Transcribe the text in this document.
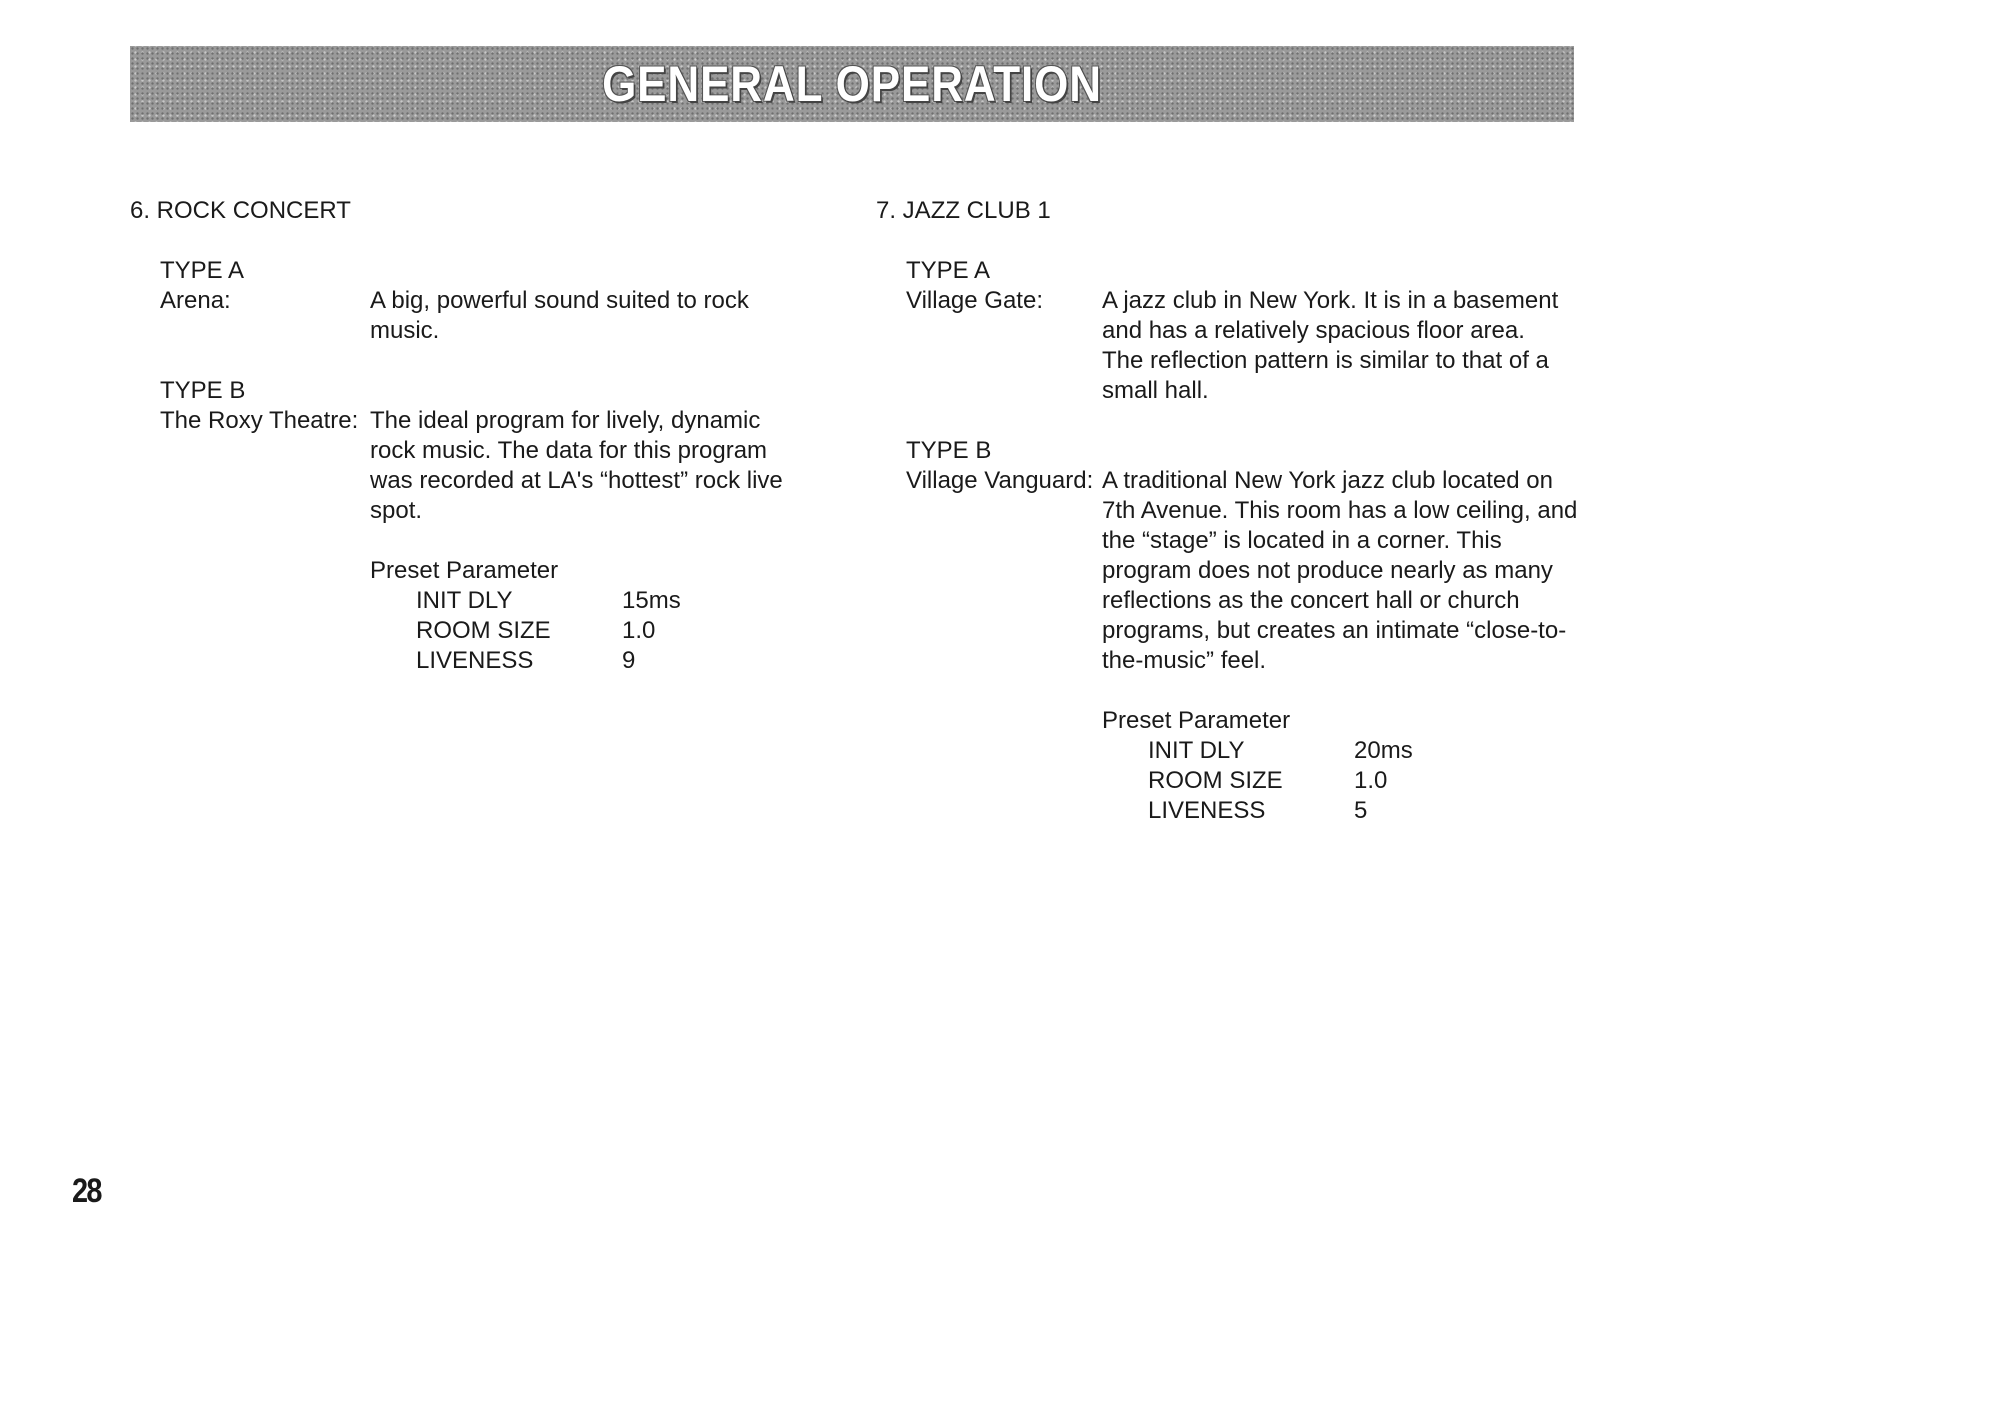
GENERAL OPERATION
6. ROCK CONCERT
TYPE A
Arena:	A big, powerful sound suited to rock music.
TYPE B
The Roxy Theatre: The ideal program for lively, dynamic rock music. The data for this program was recorded at LA's “hottest” rock live spot.
Preset Parameter
INIT DLY	15ms
ROOM SIZE	1.0
LIVENESS	9
7. JAZZ CLUB 1
TYPE A
Village Gate:	A jazz club in New York. It is in a basement and has a relatively spacious floor area. The reflection pattern is similar to that of a small hall.
TYPE B
Village Vanguard: A traditional New York jazz club located on 7th Avenue. This room has a low ceiling, and the “stage” is located in a corner. This program does not produce nearly as many reflections as the concert hall or church programs, but creates an intimate “close-to-the-music” feel.
Preset Parameter
INIT DLY	20ms
ROOM SIZE	1.0
LIVENESS	5
28
